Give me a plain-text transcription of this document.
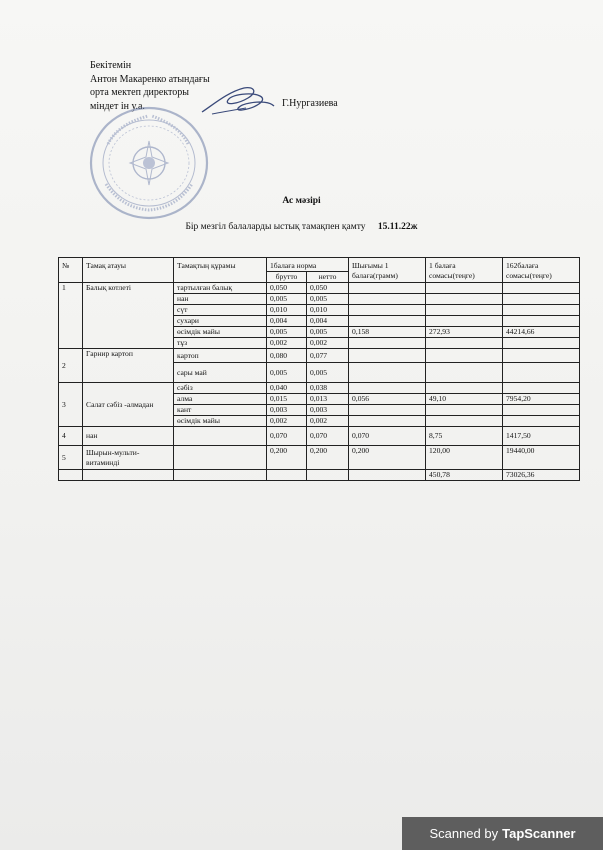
Бекітемін
Антон Макаренко атындағы
орта мектеп директоры
міндет ін у.а.	Г.Нургазиева
Ас мәзірі
Бір мезгіл балаларды ыстық тамақпен қамту 15.11.22ж
№	Тамақ атауы	Тамақтың құрамы	1балаға норма		Шығымы 1 балаға(грамм)	1 балаға сомасы(теңге)	162балаға сомасы(теңге)
			брутто	нетто			
1	Балық котлеті	тартылған балық	0,050	0,050			
		нан	0,005	0,005			
		сүт	0,010	0,010			
		сухари	0,004	0,004			
		өсімдік майы	0,005	0,005	0,158	272,93	44214,66
		тұз	0,002	0,002			
2	Гарнир картоп	картоп	0,080	0,077			
		сары май	0,005	0,005			
3	Салат сәбіз -алмадан	сәбіз	0,040	0,038			
		алма	0,015	0,013	0,056	49,10	7954,20
		кант	0,003	0,003			
		өсімдік майы	0,002	0,002			
4	нан		0,070	0,070	0,070	8,75	1417,50
5	Шырын-мульти-витаминді		0,200	0,200	0,200	120,00	19440,00
						450,78	73026,36
Scanned by TapScanner
